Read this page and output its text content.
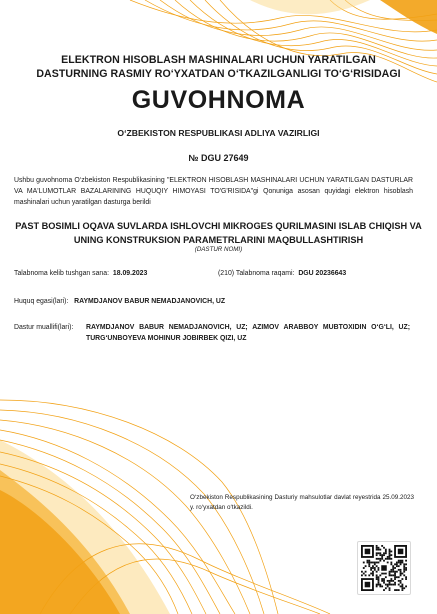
ELEKTRON HISOBLASH MASHINALARI UCHUN YARATILGAN
DASTURNING RASMIY RO‘YXATDAN O‘TKAZILGANLIGI TO‘G‘RISIDAGI
GUVOHNOMA
O‘ZBEKISTON RESPUBLIKASI ADLIYA VAZIRLIGI
№ DGU 27649
Ushbu guvohnoma O‘zbekiston Respublikasining "ELEKTRON HISOBLASH MASHINALARI UCHUN YARATILGAN DASTURLAR VA MA'LUMOTLAR BAZALARINING HUQUQIY HIMOYASI TO'G'RISIDA"gi Qonuniga asosan quyidagi elektron hisoblash mashinalari uchun yaratilgan dasturga berildi
PAST BOSIMLI OQAVA SUVLARDA ISHLOVCHI MIKROGES QURILMASINI ISLAB CHIQISH VA UNING KONSTRUKSION PARAMETRLARINI MAQBULLASHTIRISH
(DASTUR NOMI)
Talabnoma kelib tushgan sana: 18.09.2023	(210) Talabnoma raqami: DGU 20236643
Huquq egasi(lari): RAYMDJANOV BABUR NEMADJANOVICH, UZ
Dastur muallifi(lari):	RAYMDJANOV BABUR NEMADJANOVICH, UZ; AZIMOV ARABBOY MUBTOXIDIN O‘G‘LI, UZ; TURG‘UNBOYEVA MOHINUR JOBIRBEK QIZI, UZ
O‘zbekiston Respublikasining Dasturiy mahsulotlar davlat reyestrida 25.09.2023 y. ro‘yxatdan o‘tkazildi.
